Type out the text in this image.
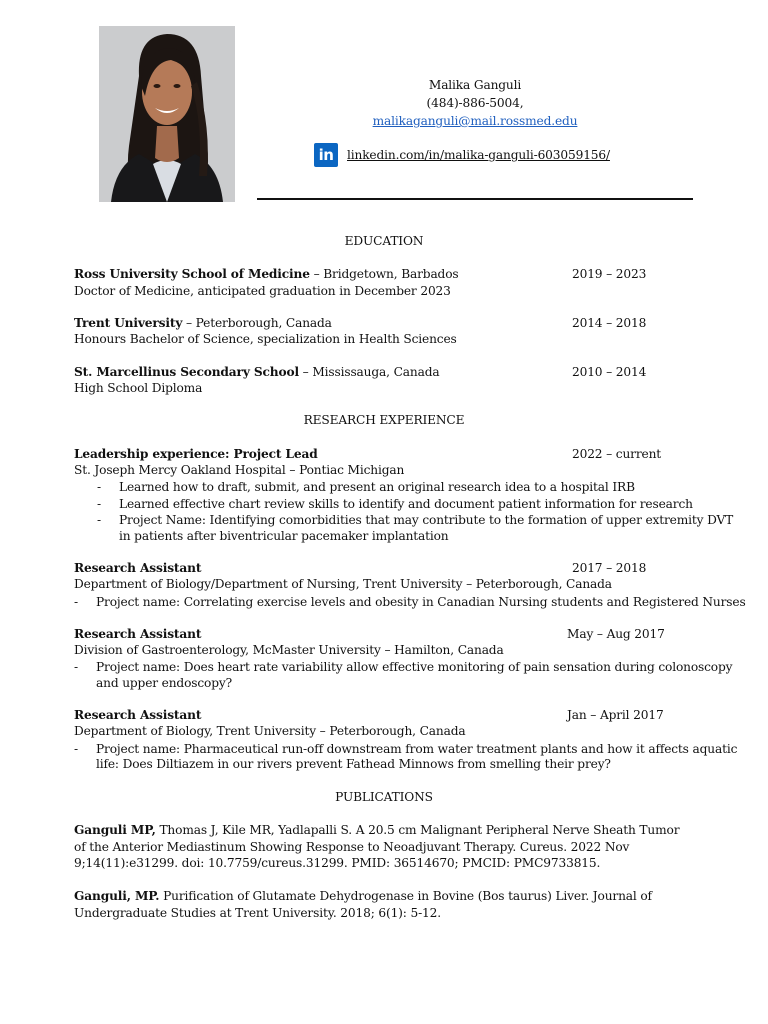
Malika Ganguli
(484)-886-5004,
malikaganguli@mail.rossmed.edu
in	linkedin.com/in/malika-ganguli-603059156/
EDUCATION
Ross University School of Medicine – Bridgetown, Barbados	2019 – 2023
Doctor of Medicine, anticipated graduation in December 2023
Trent University – Peterborough, Canada	2014 – 2018
Honours Bachelor of Science, specialization in Health Sciences
St. Marcellinus Secondary School – Mississauga, Canada	2010 – 2014
High School Diploma
RESEARCH EXPERIENCE
Leadership experience: Project Lead	2022 – current
St. Joseph Mercy Oakland Hospital – Pontiac Michigan
- Learned how to draft, submit, and present an original research idea to a hospital IRB
- Learned effective chart review skills to identify and document patient information for research
- Project Name: Identifying comorbidities that may contribute to the formation of upper extremity DVT
in patients after biventricular pacemaker implantation
Research Assistant	2017 – 2018
Department of Biology/Department of Nursing, Trent University – Peterborough, Canada
- Project name: Correlating exercise levels and obesity in Canadian Nursing students and Registered Nurses
Research Assistant	May – Aug 2017
Division of Gastroenterology, McMaster University – Hamilton, Canada
- Project name: Does heart rate variability allow effective monitoring of pain sensation during colonoscopy
and upper endoscopy?
Research Assistant	Jan – April 2017
Department of Biology, Trent University – Peterborough, Canada
- Project name: Pharmaceutical run-off downstream from water treatment plants and how it affects aquatic
life: Does Diltiazem in our rivers prevent Fathead Minnows from smelling their prey?
PUBLICATIONS
Ganguli MP, Thomas J, Kile MR, Yadlapalli S. A 20.5 cm Malignant Peripheral Nerve Sheath Tumor of the Anterior Mediastinum Showing Response to Neoadjuvant Therapy. Cureus. 2022 Nov 9;14(11):e31299. doi: 10.7759/cureus.31299. PMID: 36514670; PMCID: PMC9733815.
Ganguli, MP. Purification of Glutamate Dehydrogenase in Bovine (Bos taurus) Liver. Journal of Undergraduate Studies at Trent University. 2018; 6(1): 5-12.
